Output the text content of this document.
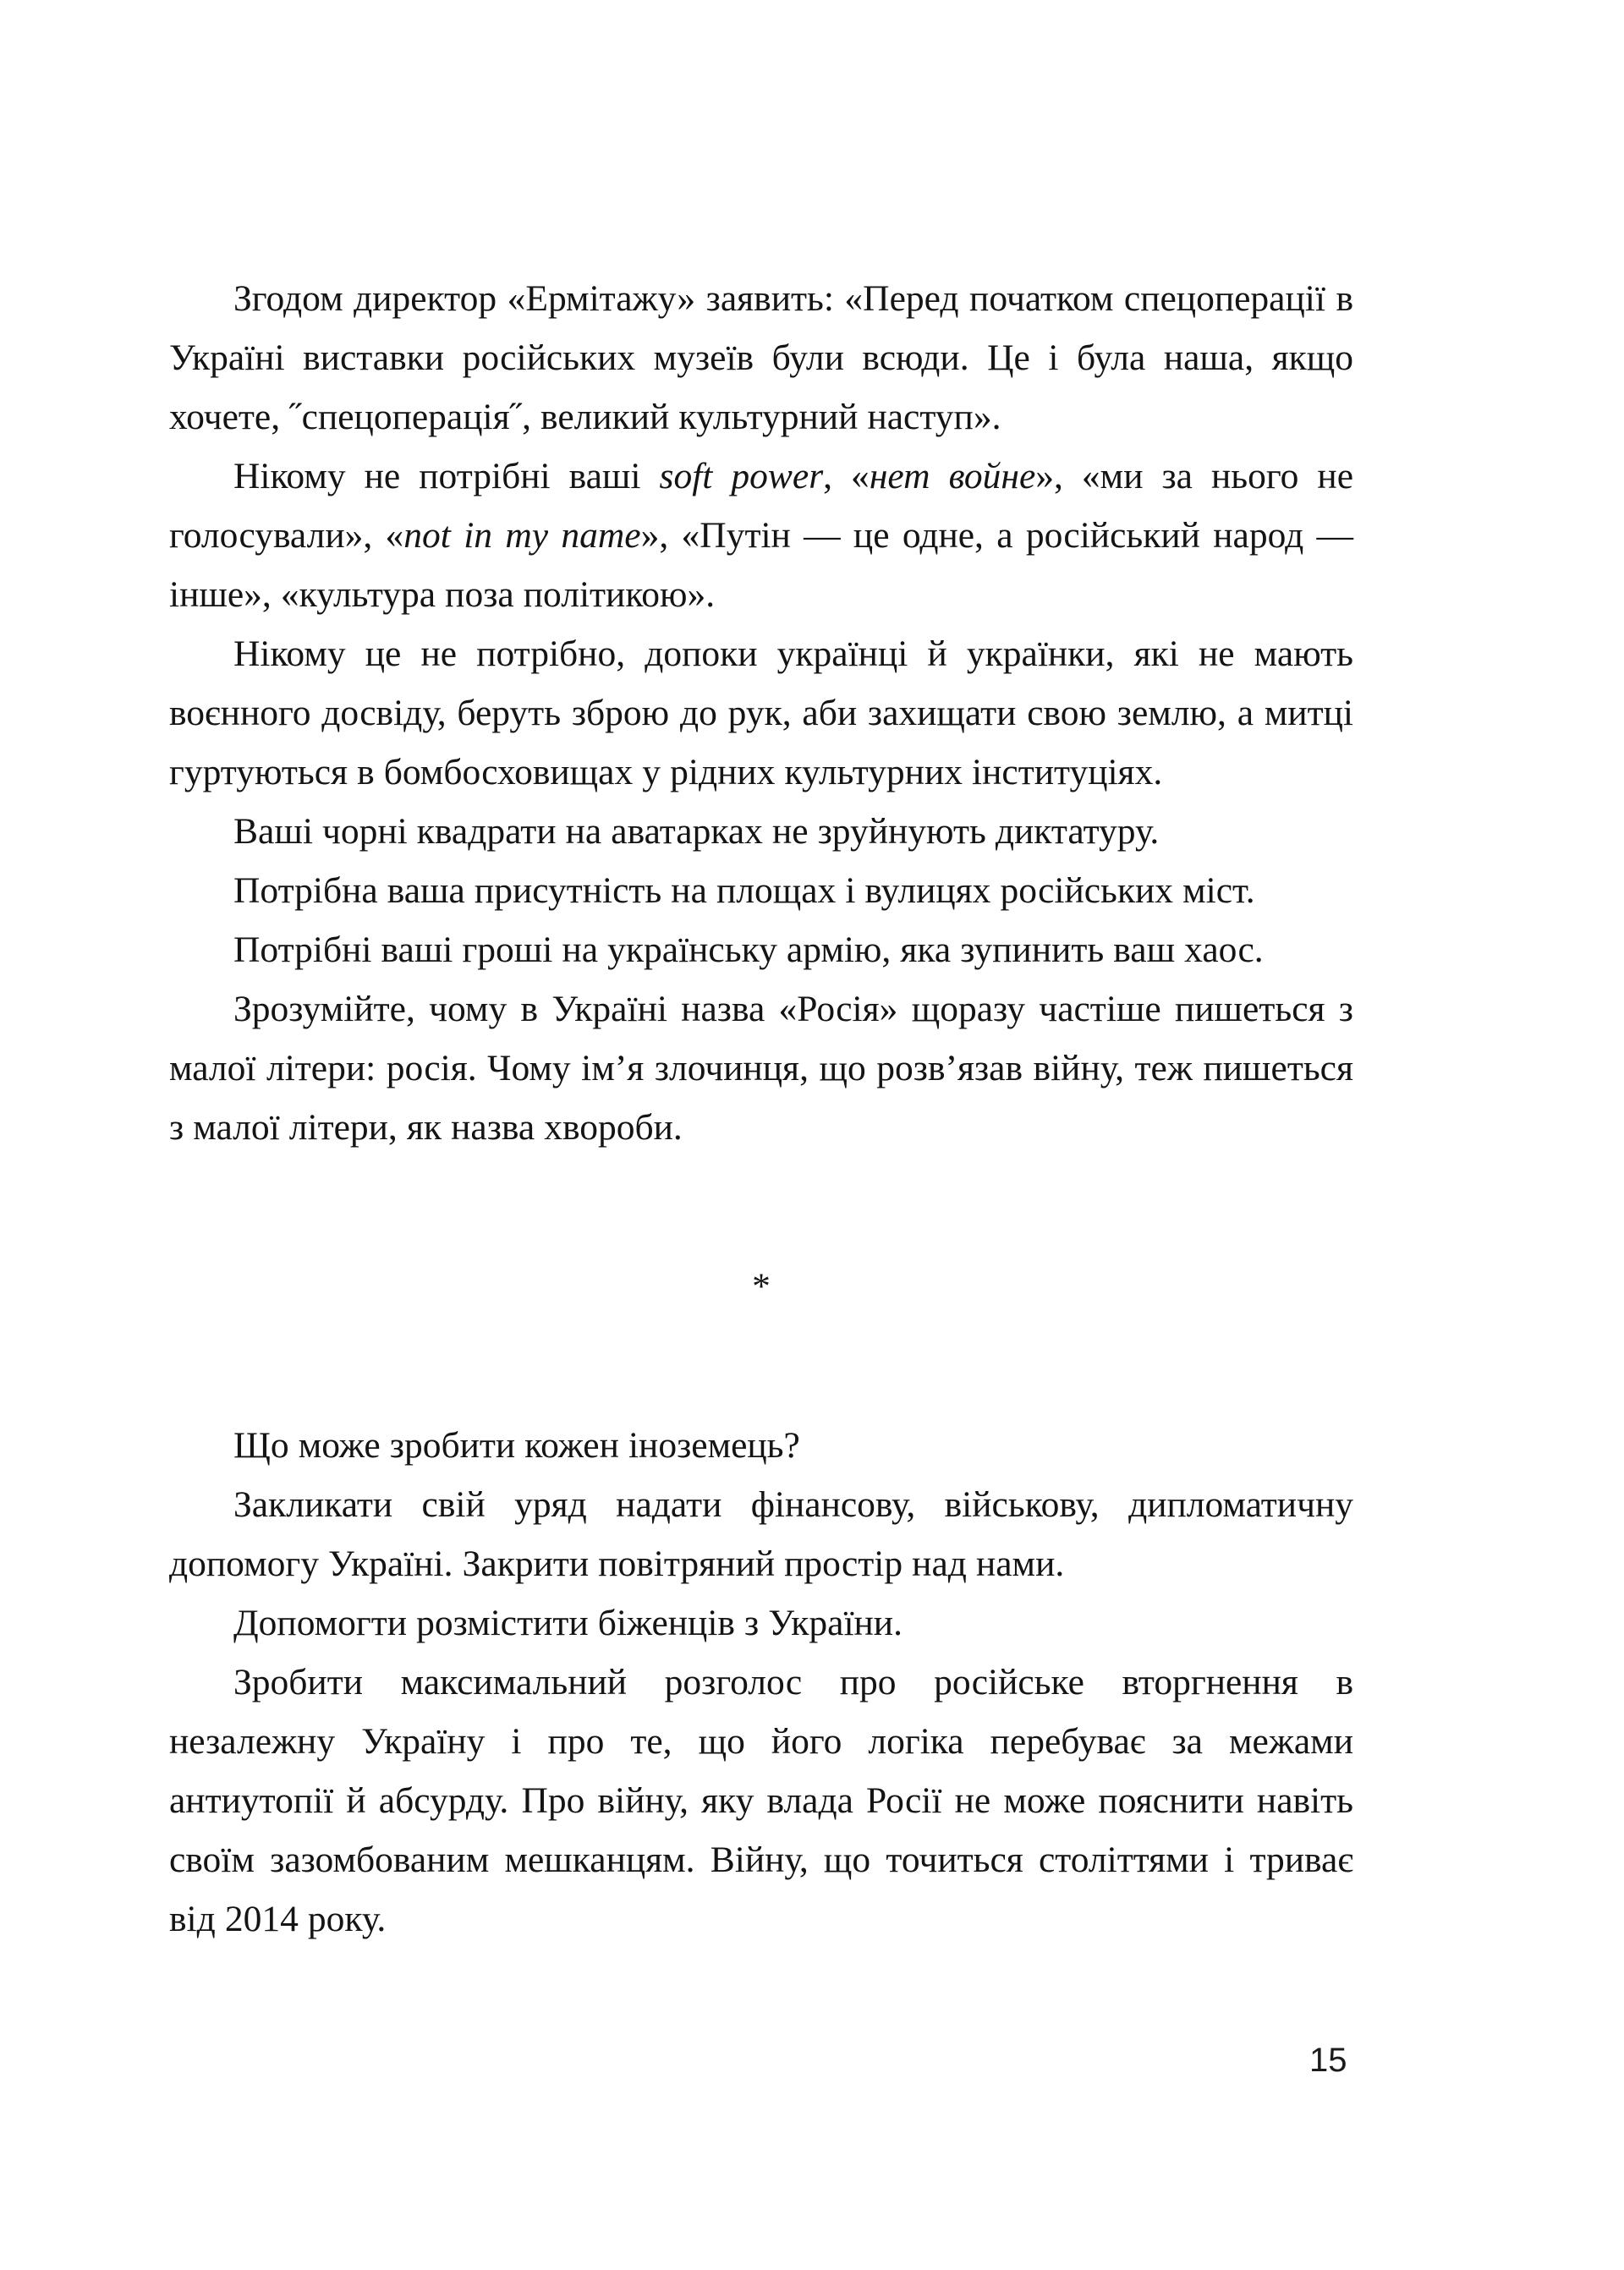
Згодом директор «Ермітажу» заявить: «Перед початком спецоперації в Україні виставки російських музеїв були всюди. Це і була наша, якщо хочете, ˝спецоперація˝, великий культурний наступ».

Нікому не потрібні ваші soft power, «нет войне», «ми за нього не голосували», «not in my name», «Путін — це одне, а російський народ — інше», «культура поза політикою».

Нікому це не потрібно, допоки українці й українки, які не мають воєнного досвіду, беруть зброю до рук, аби захищати свою землю, а митці гуртуються в бомбосховищах у рідних культурних інституціях.

Ваші чорні квадрати на аватарках не зруйнують диктатуру.

Потрібна ваша присутність на площах і вулицях російських міст.

Потрібні ваші гроші на українську армію, яка зупинить ваш хаос.

Зрозумійте, чому в Україні назва «Росія» щоразу частіше пишеться з малої літери: росія. Чому ім’я злочинця, що розв’язав війну, теж пишеться з малої літери, як назва хвороби.

*

Що може зробити кожен іноземець?

Закликати свій уряд надати фінансову, військову, дипломатичну допомогу Україні. Закрити повітряний простір над нами.

Допомогти розмістити біженців з України.

Зробити максимальний розголос про російське вторгнення в незалежну Україну і про те, що його логіка перебуває за межами антиутопії й абсурду. Про війну, яку влада Росії не може пояснити навіть своїм зазомбованим мешканцям. Війну, що точиться століттями і триває від 2014 року.

15
